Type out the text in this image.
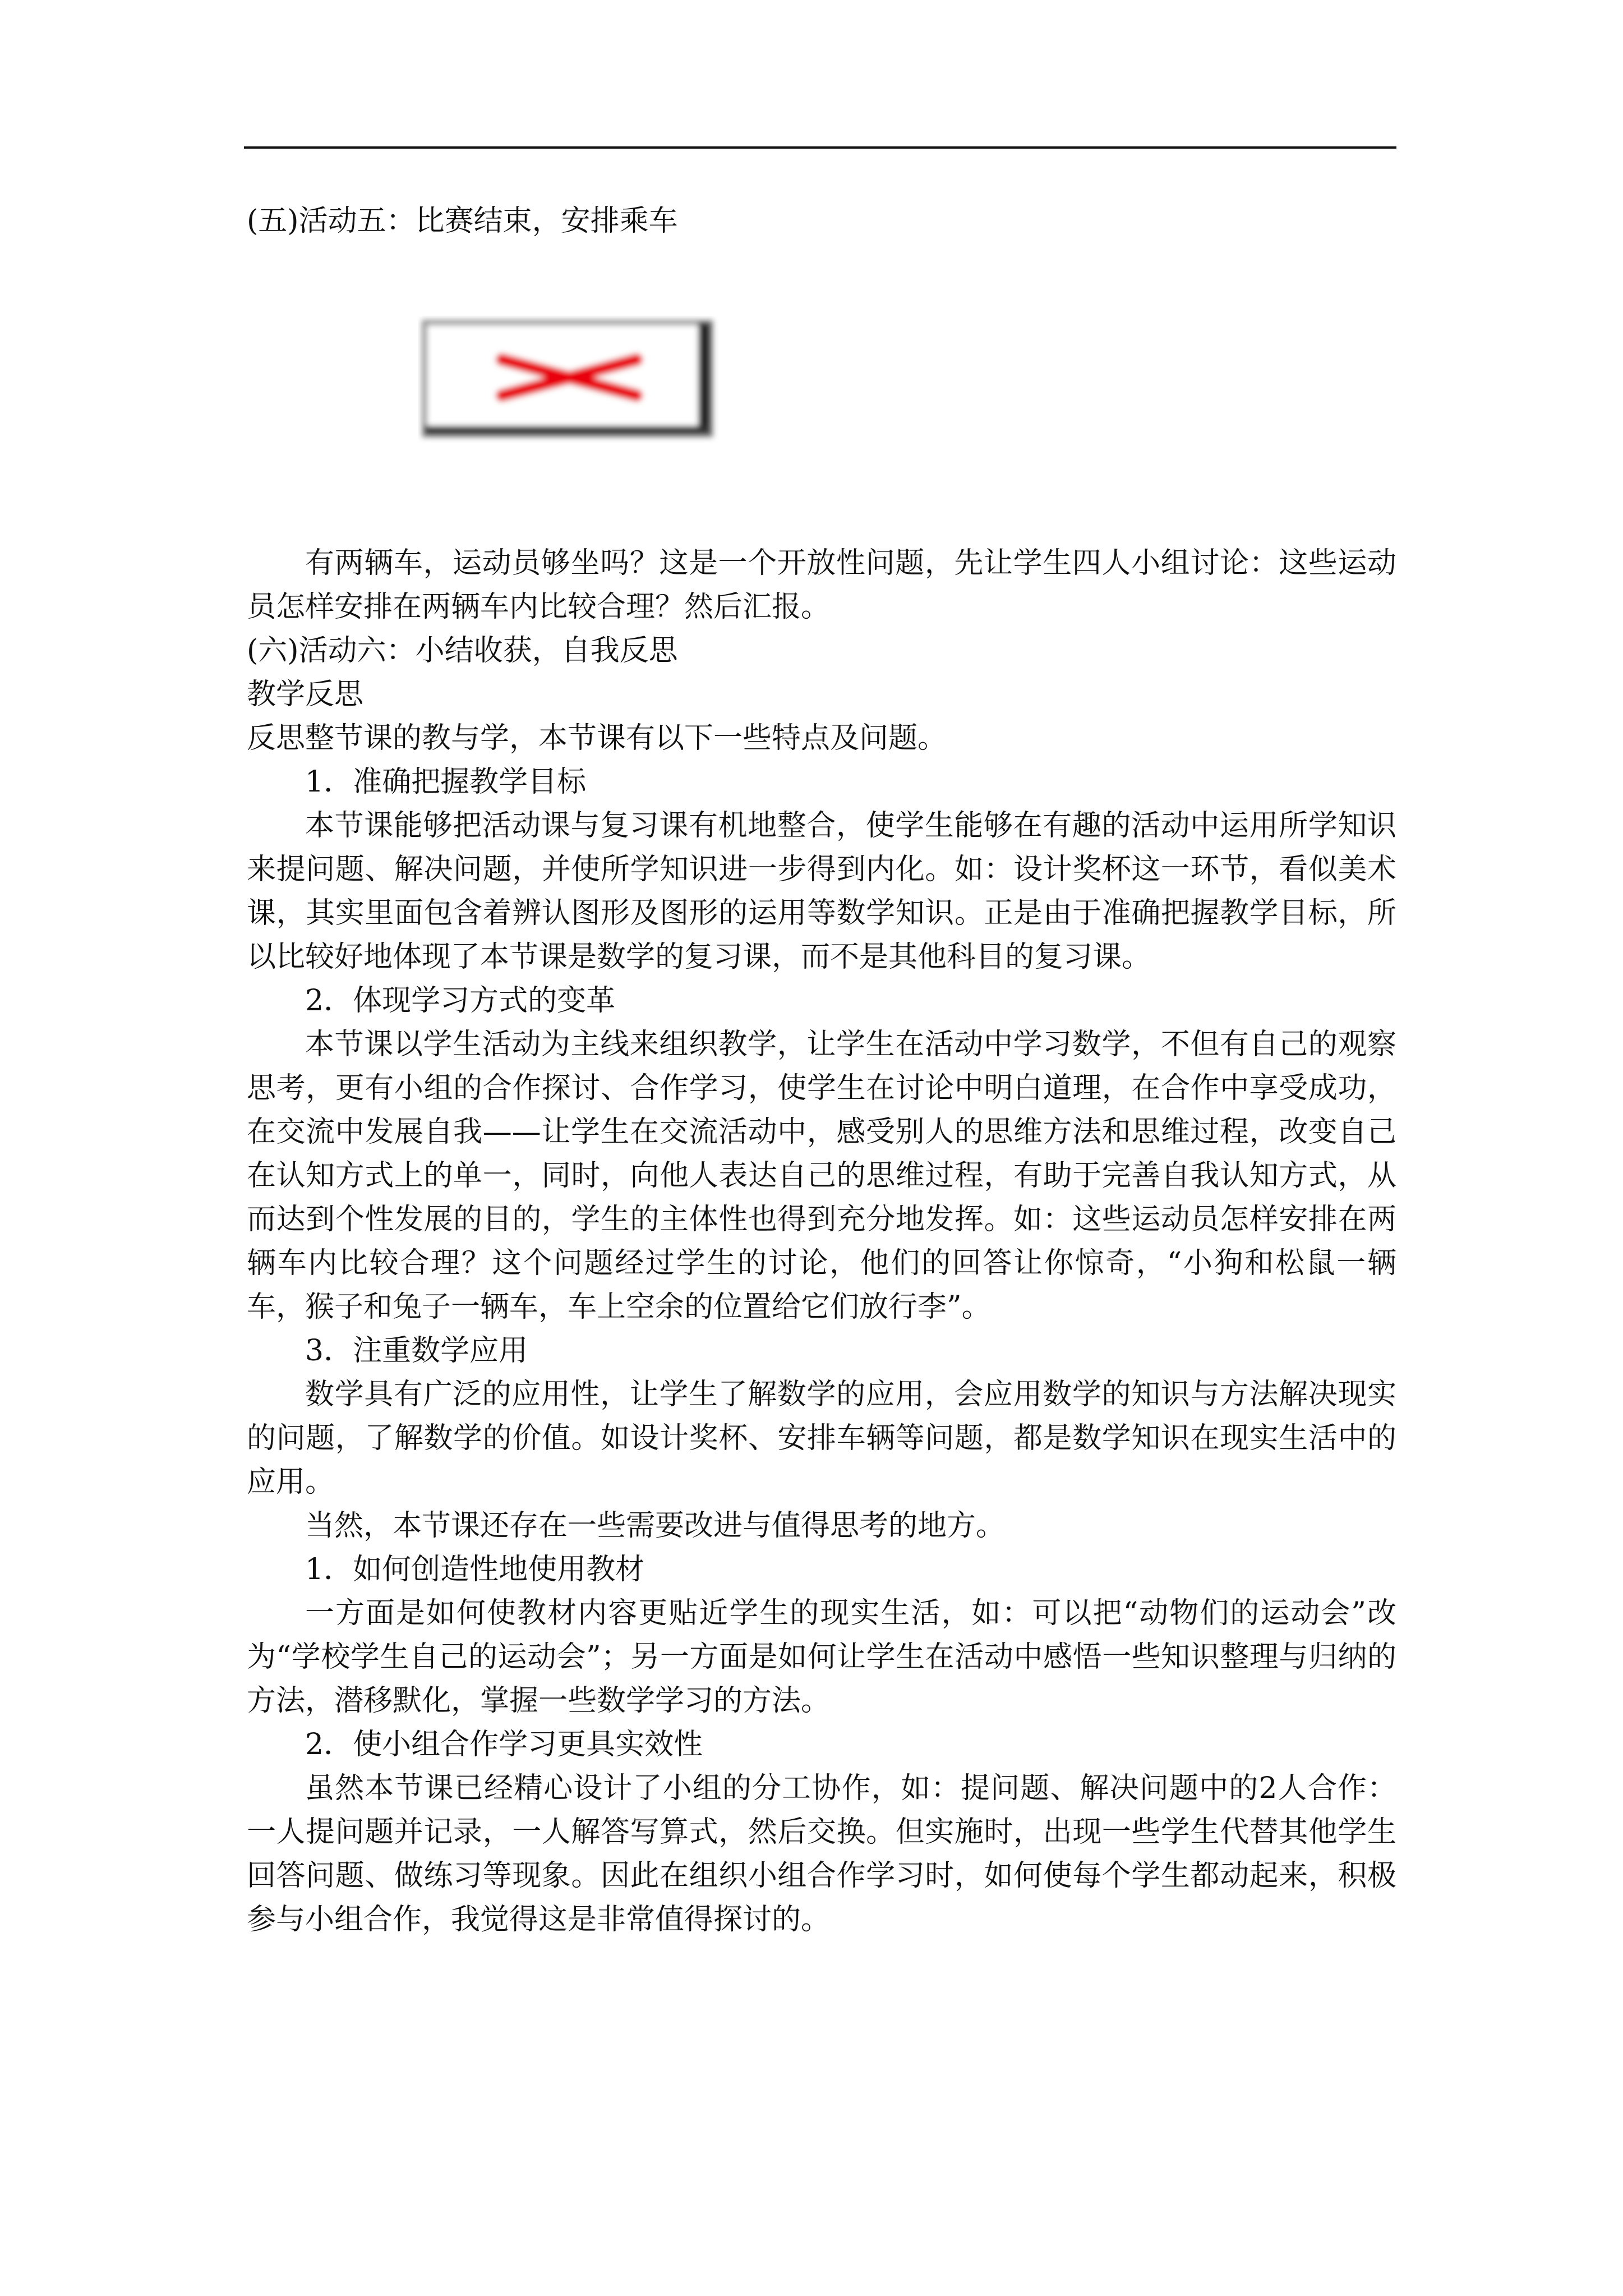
(五)活动五：比赛结束，安排乘车

有两辆车，运动员够坐吗？这是一个开放性问题，先让学生四人小组讨论：这些运动员怎样安排在两辆车内比较合理？然后汇报。

(六)活动六：小结收获，自我反思

教学反思

反思整节课的教与学，本节课有以下一些特点及问题。

1．准确把握教学目标

本节课能够把活动课与复习课有机地整合，使学生能够在有趣的活动中运用所学知识来提问题、解决问题，并使所学知识进一步得到内化。如：设计奖杯这一环节，看似美术课，其实里面包含着辨认图形及图形的运用等数学知识。正是由于准确把握教学目标，所以比较好地体现了本节课是数学的复习课，而不是其他科目的复习课。

2．体现学习方式的变革

本节课以学生活动为主线来组织教学，让学生在活动中学习数学，不但有自己的观察思考，更有小组的合作探讨、合作学习，使学生在讨论中明白道理，在合作中享受成功，在交流中发展自我——让学生在交流活动中，感受别人的思维方法和思维过程，改变自己在认知方式上的单一，同时，向他人表达自己的思维过程，有助于完善自我认知方式，从而达到个性发展的目的，学生的主体性也得到充分地发挥。如：这些运动员怎样安排在两辆车内比较合理？这个问题经过学生的讨论，他们的回答让你惊奇，“小狗和松鼠一辆车，猴子和兔子一辆车，车上空余的位置给它们放行李”。

3．注重数学应用

数学具有广泛的应用性，让学生了解数学的应用，会应用数学的知识与方法解决现实的问题，了解数学的价值。如设计奖杯、安排车辆等问题，都是数学知识在现实生活中的应用。

当然，本节课还存在一些需要改进与值得思考的地方。

1．如何创造性地使用教材

一方面是如何使教材内容更贴近学生的现实生活，如：可以把“动物们的运动会”改为“学校学生自己的运动会”；另一方面是如何让学生在活动中感悟一些知识整理与归纳的方法，潜移默化，掌握一些数学学习的方法。

2．使小组合作学习更具实效性

虽然本节课已经精心设计了小组的分工协作，如：提问题、解决问题中的2人合作：一人提问题并记录，一人解答写算式，然后交换。但实施时，出现一些学生代替其他学生回答问题、做练习等现象。因此在组织小组合作学习时，如何使每个学生都动起来，积极参与小组合作，我觉得这是非常值得探讨的。
